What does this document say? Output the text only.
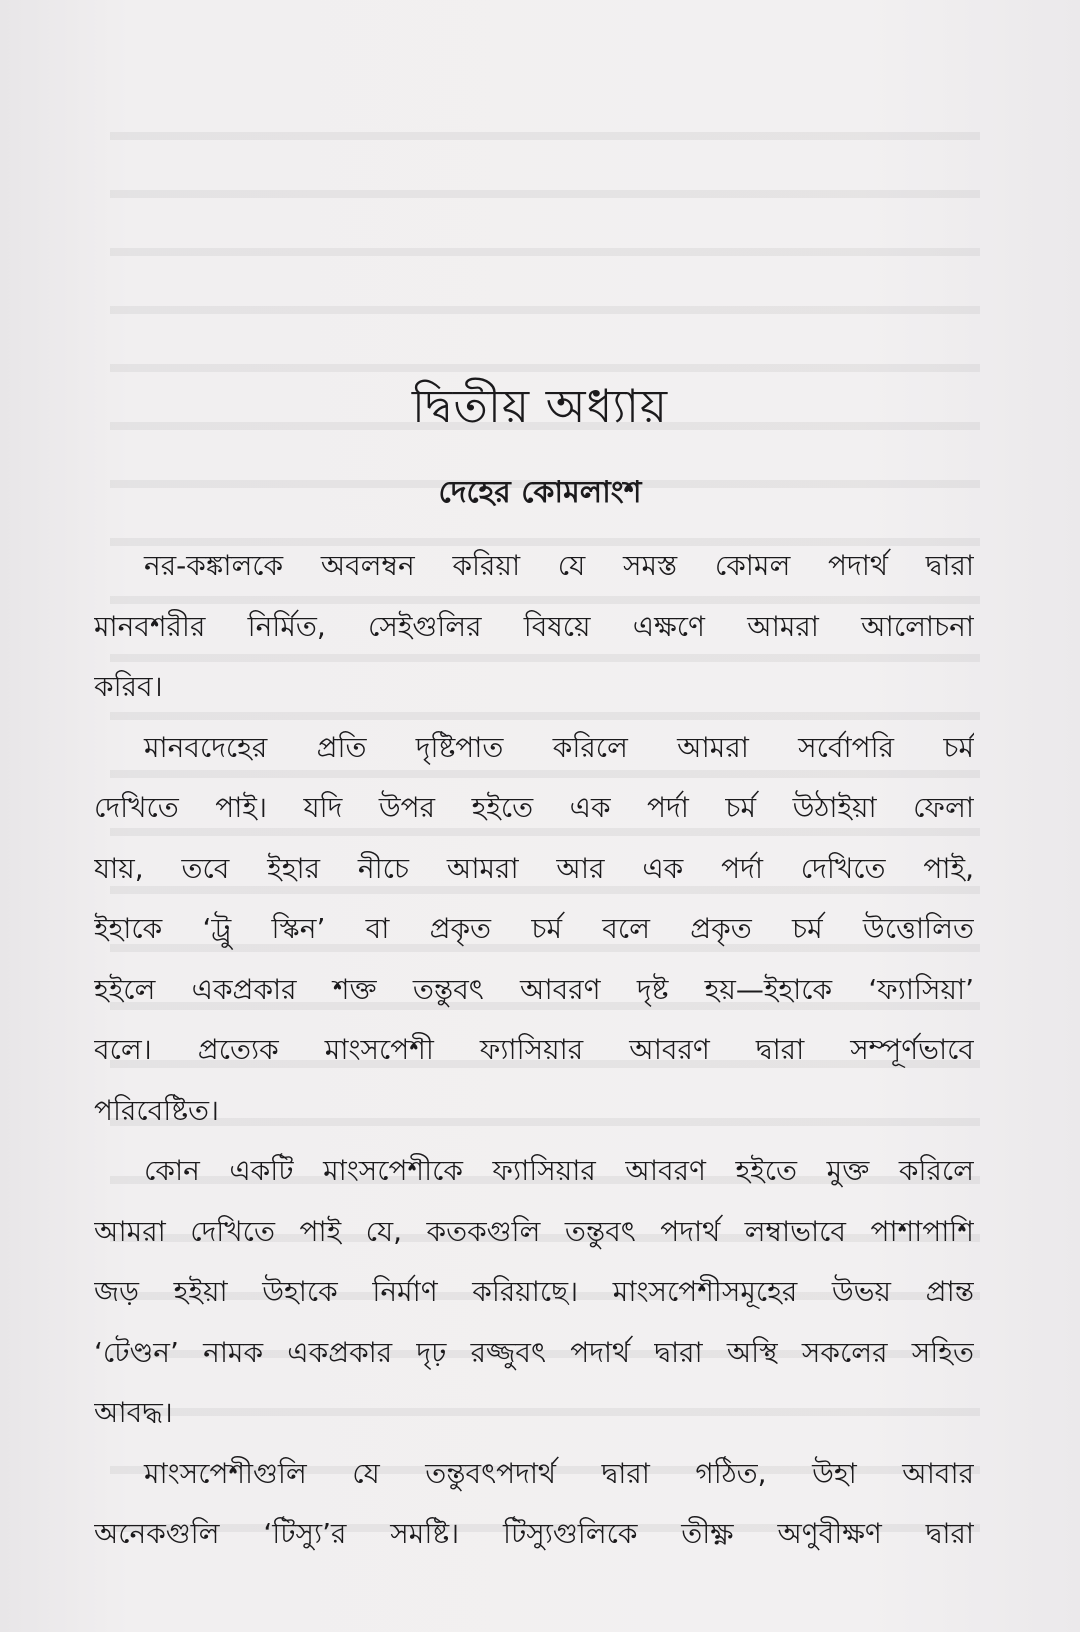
দ্বিতীয় অধ্যায়
দেহের কোমলাংশ

নর-কঙ্কালকে অবলম্বন করিয়া যে সমস্ত কোমল পদার্থ দ্বারা
মানবশরীর নির্মিত, সেইগুলির বিষয়ে এক্ষণে আমরা আলোচনা
করিব।

মানবদেহের প্রতি দৃষ্টিপাত করিলে আমরা সর্বোপরি চর্ম
দেখিতে পাই। যদি উপর হইতে এক পর্দা চর্ম উঠাইয়া ফেলা
যায়, তবে ইহার নীচে আমরা আর এক পর্দা দেখিতে পাই,
ইহাকে ‘ট্রু স্কিন’ বা প্রকৃত চর্ম বলে প্রকৃত চর্ম উত্তোলিত
হইলে একপ্রকার শক্ত তন্তুবৎ আবরণ দৃষ্ট হয়—ইহাকে ‘ফ্যাসিয়া’
বলে। প্রত্যেক মাংসপেশী ফ্যাসিয়ার আবরণ দ্বারা সম্পূর্ণভাবে
পরিবেষ্টিত।

কোন একটি মাংসপেশীকে ফ্যাসিয়ার আবরণ হইতে মুক্ত করিলে
আমরা দেখিতে পাই যে, কতকগুলি তন্তুবৎ পদার্থ লম্বাভাবে পাশাপাশি
জড় হইয়া উহাকে নির্মাণ করিয়াছে। মাংসপেশীসমূহের উভয় প্রান্ত
‘টেণ্ডন’ নামক একপ্রকার দৃঢ় রজ্জুবৎ পদার্থ দ্বারা অস্থি সকলের সহিত
আবদ্ধ।

মাংসপেশীগুলি যে তন্তুবৎপদার্থ দ্বারা গঠিত, উহা আবার
অনেকগুলি ‘টিস্যু’র সমষ্টি। টিস্যুগুলিকে তীক্ষ্ণ অণুবীক্ষণ দ্বারা
